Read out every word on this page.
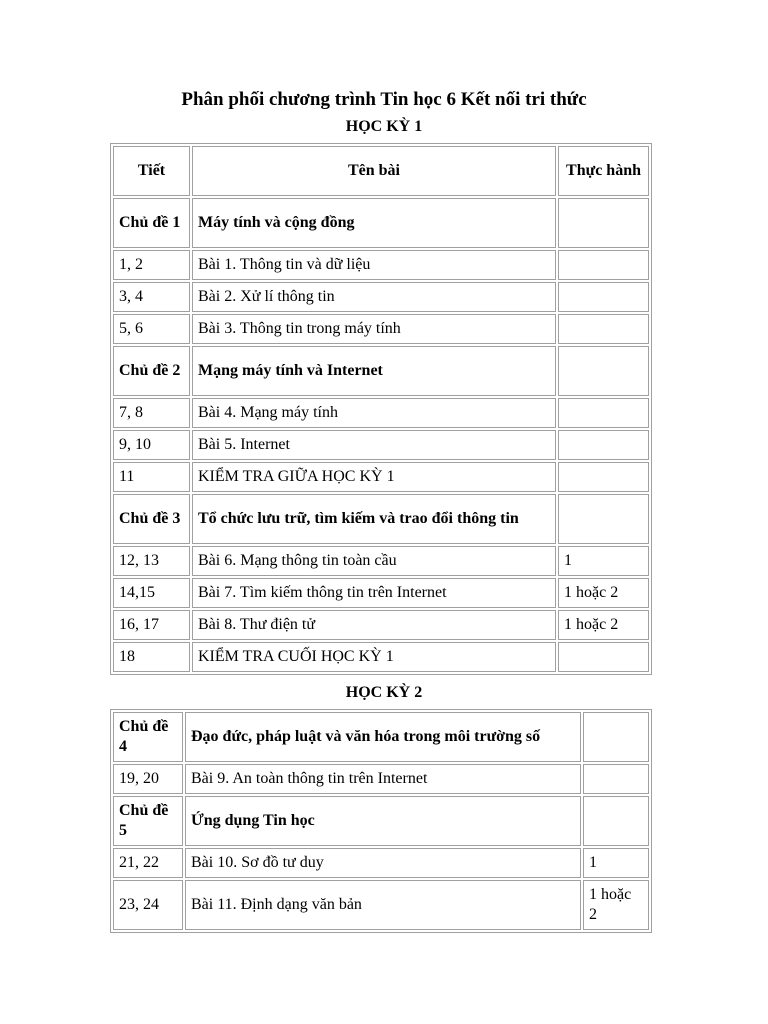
Phân phối chương trình Tin học 6 Kết nối tri thức
HỌC KỲ 1
Tiết	Tên bài	Thực hành
Chủ đề 1	Máy tính và cộng đồng	
1, 2	Bài 1. Thông tin và dữ liệu	
3, 4	Bài 2. Xử lí thông tin	
5, 6	Bài 3. Thông tin trong máy tính	
Chủ đề 2	Mạng máy tính và Internet	
7, 8	Bài 4. Mạng máy tính	
9, 10	Bài 5. Internet	
11	KIỂM TRA GIỮA HỌC KỲ 1	
Chủ đề 3	Tổ chức lưu trữ, tìm kiếm và trao đổi thông tin	
12, 13	Bài 6. Mạng thông tin toàn cầu	1
14,15	Bài 7. Tìm kiếm thông tin trên Internet	1 hoặc 2
16, 17	Bài 8. Thư điện tử	1 hoặc 2
18	KIỂM TRA CUỐI HỌC KỲ 1	
HỌC KỲ 2
Chủ đề 4	Đạo đức, pháp luật và văn hóa trong môi trường số	
19, 20	Bài 9. An toàn thông tin trên Internet	
Chủ đề 5	Ứng dụng Tin học	
21, 22	Bài 10. Sơ đồ tư duy	1
23, 24	Bài 11. Định dạng văn bản	1 hoặc 2
